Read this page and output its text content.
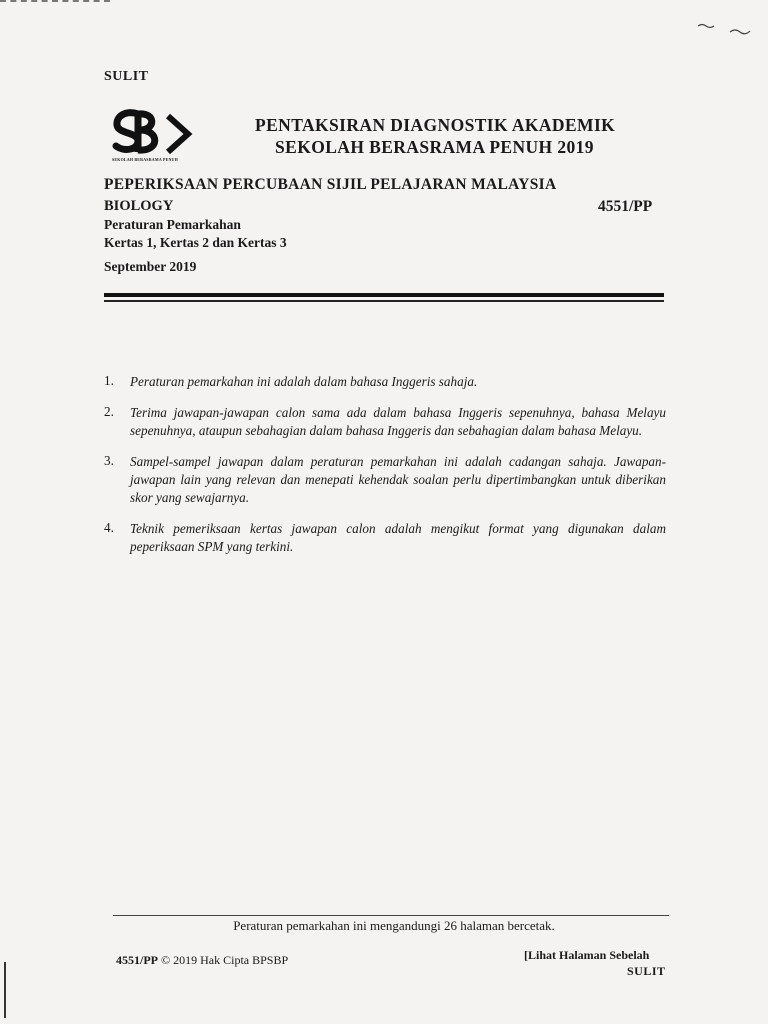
SULIT
SEKOLAH BERASRAMA PENUH
PENTAKSIRAN DIAGNOSTIK AKADEMIK
SEKOLAH BERASRAMA PENUH 2019
PEPERIKSAAN PERCUBAAN SIJIL PELAJARAN MALAYSIA
BIOLOGY	4551/PP
Peraturan Pemarkahan
Kertas 1, Kertas 2 dan Kertas 3
September 2019
1.	Peraturan pemarkahan ini adalah dalam bahasa Inggeris sahaja.
2.	Terima jawapan-jawapan calon sama ada dalam bahasa Inggeris sepenuhnya, bahasa Melayu sepenuhnya, ataupun sebahagian dalam bahasa Inggeris dan sebahagian dalam bahasa Melayu.
3.	Sampel-sampel jawapan dalam peraturan pemarkahan ini adalah cadangan sahaja. Jawapan-jawapan lain yang relevan dan menepati kehendak soalan perlu dipertimbangkan untuk diberikan skor yang sewajarnya.
4.	Teknik pemeriksaan kertas jawapan calon adalah mengikut format yang digunakan dalam peperiksaan SPM yang terkini.
Peraturan pemarkahan ini mengandungi 26 halaman bercetak.
4551/PP © 2019 Hak Cipta BPSBP	[Lihat Halaman Sebelah
SULIT
